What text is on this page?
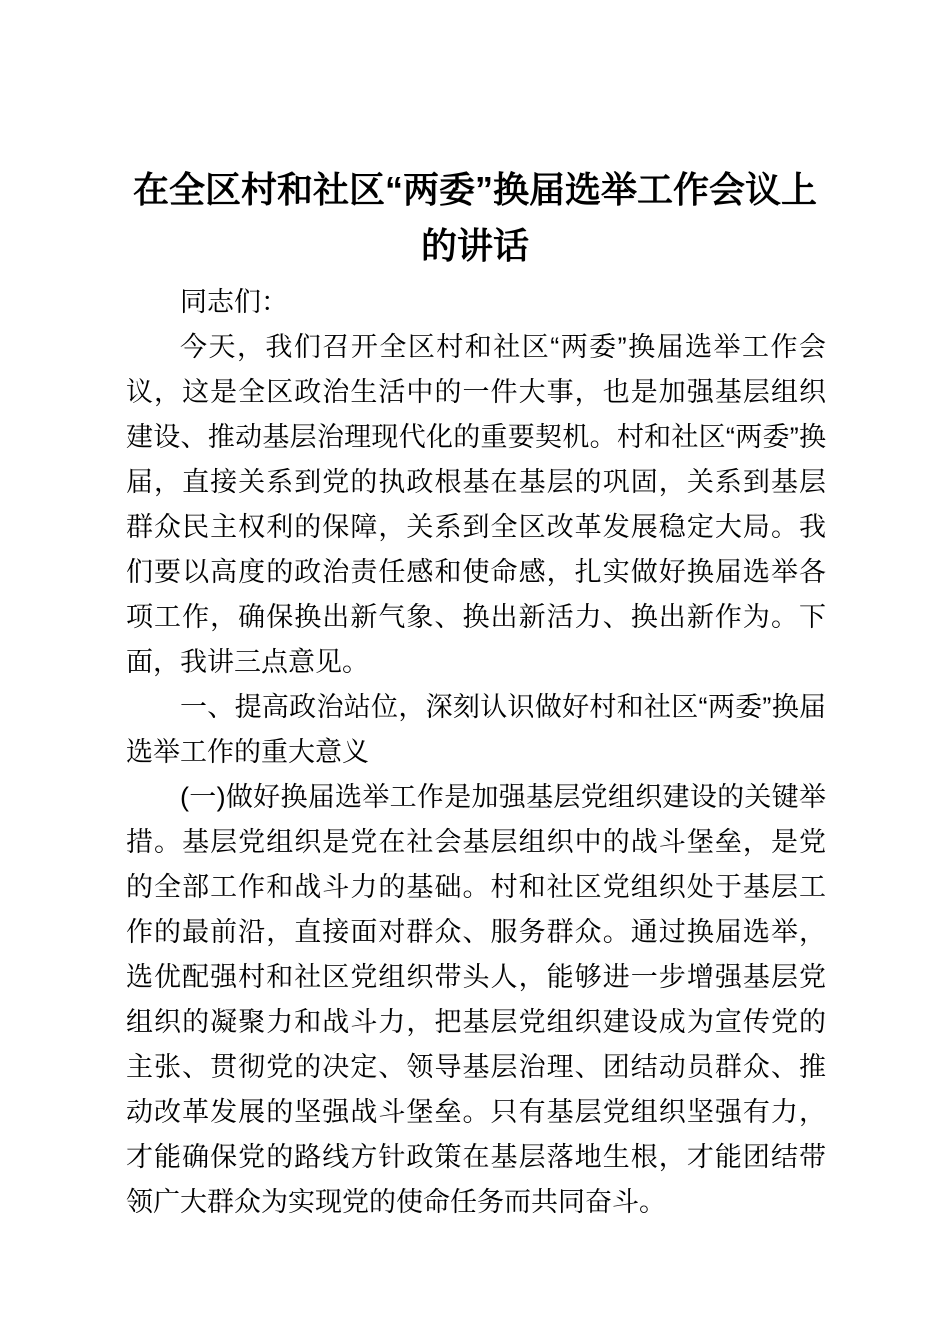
在全区村和社区“两委”换届选举工作会议上
的讲话

同志们：

今天，我们召开全区村和社区“两委”换届选举工作会议，这是全区政治生活中的一件大事，也是加强基层组织建设、推动基层治理现代化的重要契机。村和社区“两委”换届，直接关系到党的执政根基在基层的巩固，关系到基层群众民主权利的保障，关系到全区改革发展稳定大局。我们要以高度的政治责任感和使命感，扎实做好换届选举各项工作，确保换出新气象、换出新活力、换出新作为。下面，我讲三点意见。

一、提高政治站位，深刻认识做好村和社区“两委”换届选举工作的重大意义

(一)做好换届选举工作是加强基层党组织建设的关键举措。基层党组织是党在社会基层组织中的战斗堡垒，是党的全部工作和战斗力的基础。村和社区党组织处于基层工作的最前沿，直接面对群众、服务群众。通过换届选举，选优配强村和社区党组织带头人，能够进一步增强基层党组织的凝聚力和战斗力，把基层党组织建设成为宣传党的主张、贯彻党的决定、领导基层治理、团结动员群众、推动改革发展的坚强战斗堡垒。只有基层党组织坚强有力，才能确保党的路线方针政策在基层落地生根，才能团结带领广大群众为实现党的使命任务而共同奋斗。
